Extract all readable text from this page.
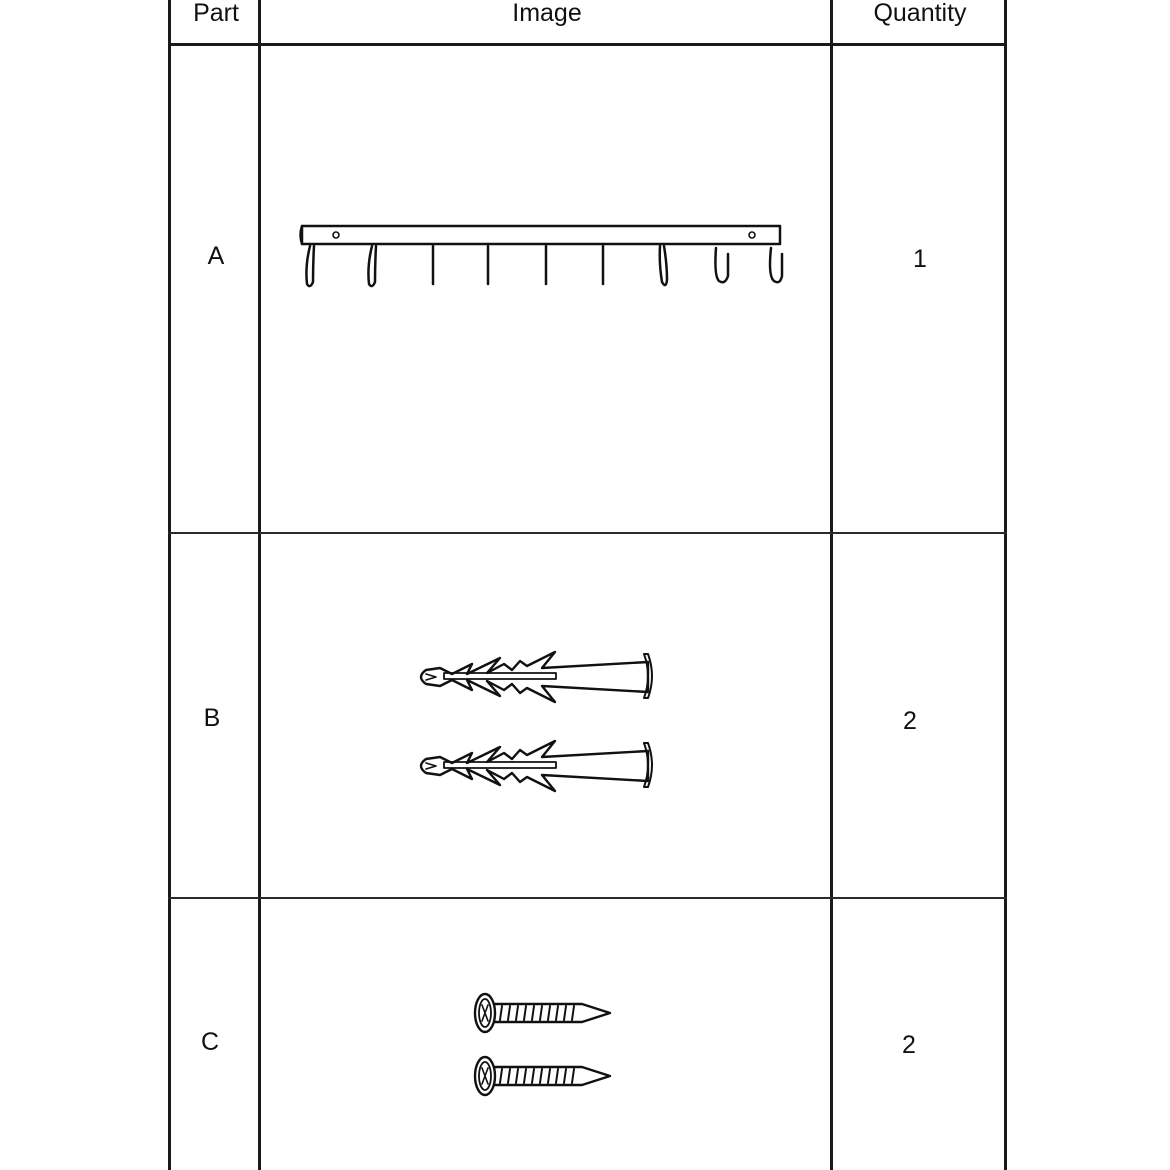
Part	Image	Quantity
A	1
B	2
C	2
